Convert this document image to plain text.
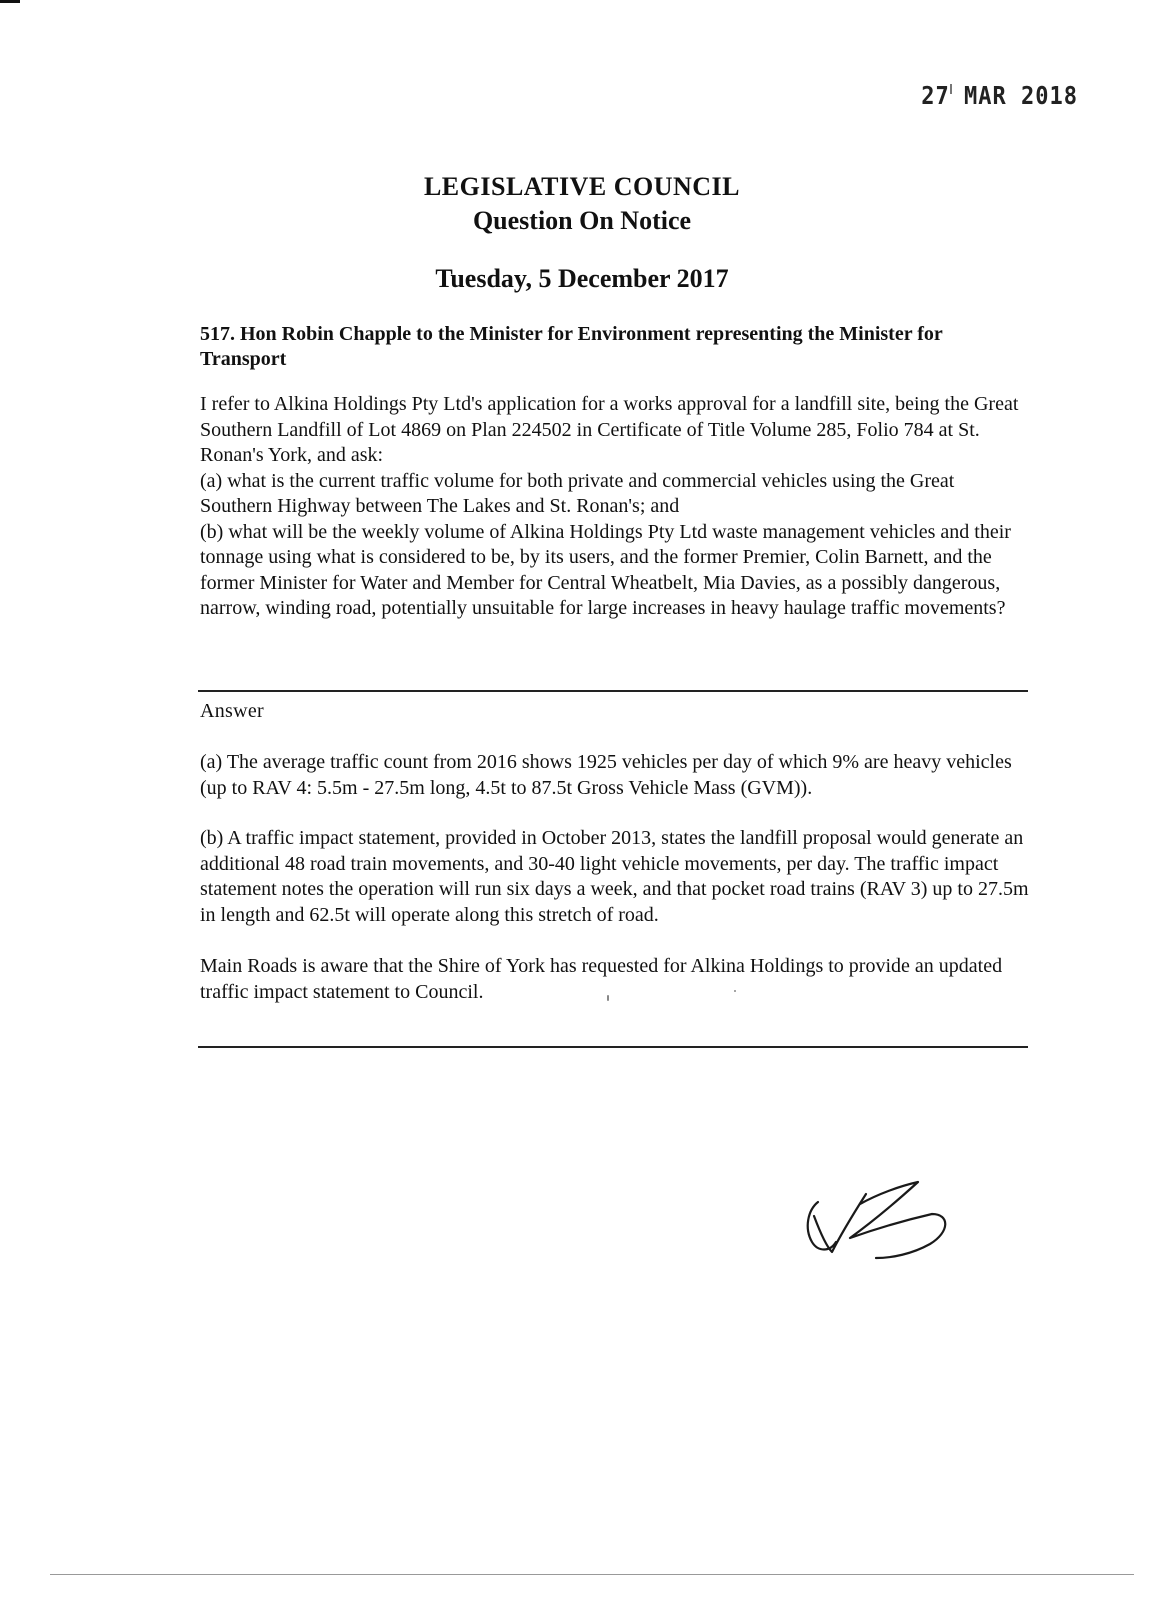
27 MAR 2018
LEGISLATIVE COUNCIL
Question On Notice
Tuesday, 5 December 2017
517. Hon Robin Chapple to the Minister for Environment representing the Minister for Transport

I refer to Alkina Holdings Pty Ltd's application for a works approval for a landfill site, being the Great Southern Landfill of Lot 4869 on Plan 224502 in Certificate of Title Volume 285, Folio 784 at St. Ronan's York, and ask:

(a) what is the current traffic volume for both private and commercial vehicles using the Great Southern Highway between The Lakes and St. Ronan's; and

(b) what will be the weekly volume of Alkina Holdings Pty Ltd waste management vehicles and their tonnage using what is considered to be, by its users, and the former Premier, Colin Barnett, and the former Minister for Water and Member for Central Wheatbelt, Mia Davies, as a possibly dangerous, narrow, winding road, potentially unsuitable for large increases in heavy haulage traffic movements?

Answer

(a) The average traffic count from 2016 shows 1925 vehicles per day of which 9% are heavy vehicles (up to RAV 4: 5.5m - 27.5m long, 4.5t to 87.5t Gross Vehicle Mass (GVM)).

(b) A traffic impact statement, provided in October 2013, states the landfill proposal would generate an additional 48 road train movements, and 30-40 light vehicle movements, per day. The traffic impact statement notes the operation will run six days a week, and that pocket road trains (RAV 3) up to 27.5m in length and 62.5t will operate along this stretch of road.

Main Roads is aware that the Shire of York has requested for Alkina Holdings to provide an updated traffic impact statement to Council.
